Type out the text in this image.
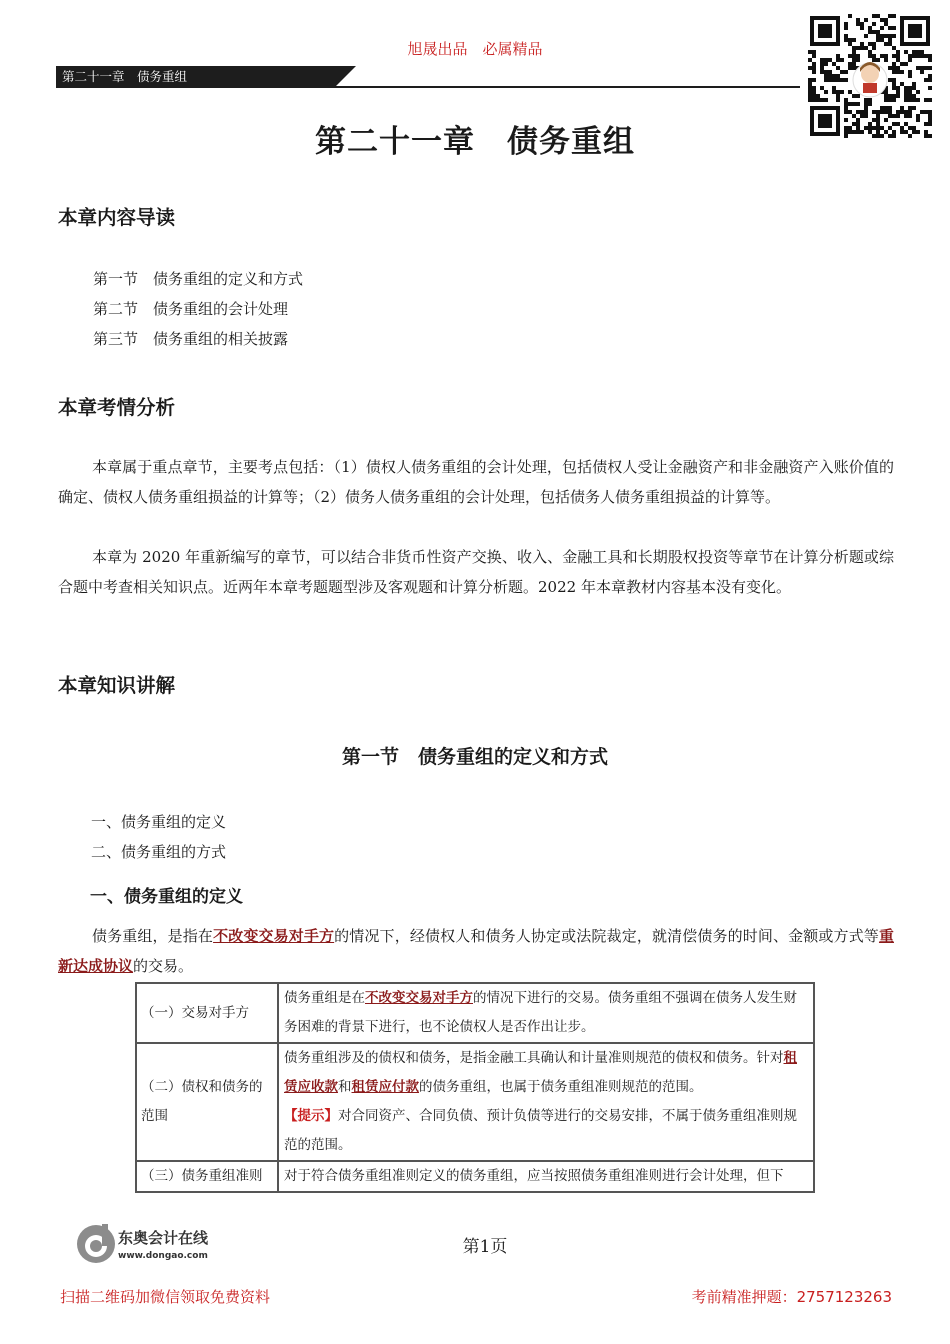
旭晟出品　必属精品
第二十一章　债务重组
第二十一章　债务重组
本章内容导读
第一节　债务重组的定义和方式
第二节　债务重组的会计处理
第三节　债务重组的相关披露
本章考情分析

本章属于重点章节，主要考点包括：（1）债权人债务重组的会计处理，包括债权人受让金融资产和非金融资产入账价值的确定、债权人债务重组损益的计算等；（2）债务人债务重组的会计处理，包括债务人债务重组损益的计算等。

本章为 2020 年重新编写的章节，可以结合非货币性资产交换、收入、金融工具和长期股权投资等章节在计算分析题或综合题中考查相关知识点。近两年本章考题题型涉及客观题和计算分析题。2022 年本章教材内容基本没有变化。

本章知识讲解
第一节　债务重组的定义和方式
一、债务重组的定义
二、债务重组的方式
一、债务重组的定义

债务重组，是指在不改变交易对手方的情况下，经债权人和债务人协定或法院裁定，就清偿债务的时间、金额或方式等重新达成协议的交易。

（一）交易对手方	债务重组是在不改变交易对手方的情况下进行的交易。债务重组不强调在债务人发生财务困难的背景下进行，也不论债权人是否作出让步。
（二）债权和债务的范围	债务重组涉及的债权和债务，是指金融工具确认和计量准则规范的债权和债务。针对租赁应收款和租赁应付款的债务重组，也属于债务重组准则规范的范围。
【提示】对合同资产、合同负债、预计负债等进行的交易安排，不属于债务重组准则规范的范围。
（三）债务重组准则	对于符合债务重组准则定义的债务重组，应当按照债务重组准则进行会计处理，但下
东奥会计在线
www.dongao.com	第1页
扫描二维码加微信领取免费资料	考前精准押题：2757123263
